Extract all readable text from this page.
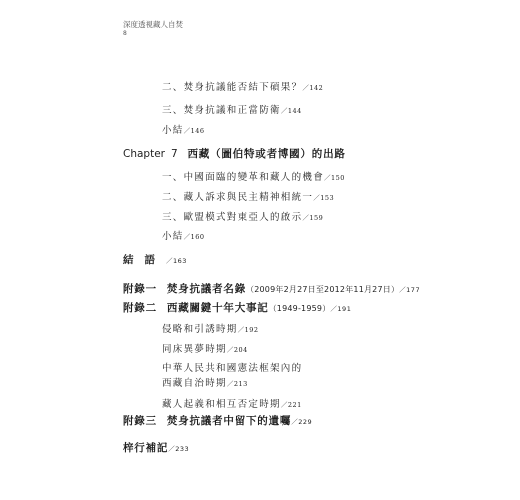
深度透視藏人自焚
8
二、焚身抗議能否結下碩果？／142
三、焚身抗議和正當防衛／144
小結／146
Chapter 7 西藏（圖伯特或者博國）的出路
一、中國面臨的變革和藏人的機會／150
二、藏人訴求與民主精神相統一／153
三、歐盟模式對東亞人的啟示／159
小結／160
結語／163
附錄一 焚身抗議者名錄（2009年2月27日至2012年11月27日）／177
附錄二 西藏關鍵十年大事記（1949-1959）／191
侵略和引誘時期／192
同床異夢時期／204
中華人民共和國憲法框架內的
西藏自治時期／213
藏人起義和相互否定時期／221
附錄三 焚身抗議者中留下的遺囑／229
梓行補記／233
